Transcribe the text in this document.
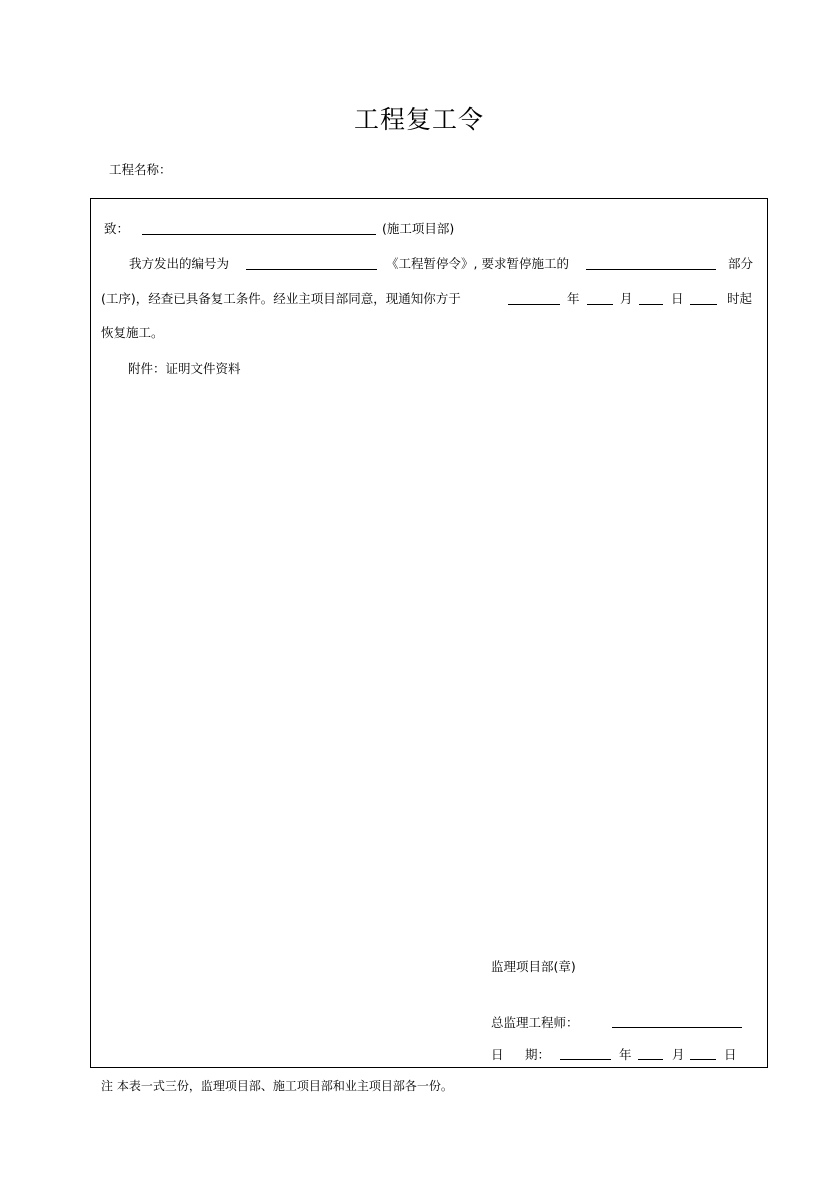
工程复工令
工程名称：
致：	(施工项目部)
我方发出的编号为	《工程暂停令》, 要求暂停施工的	部分
(工序)，经查已具备复工条件。经业主项目部同意，现通知你方于	年	月	日	时起
恢复施工。
附件：证明文件资料
监理项目部(章)
总监理工程师：
日 期：	年	月	日
注 本表一式三份，监理项目部、施工项目部和业主项目部各一份。
